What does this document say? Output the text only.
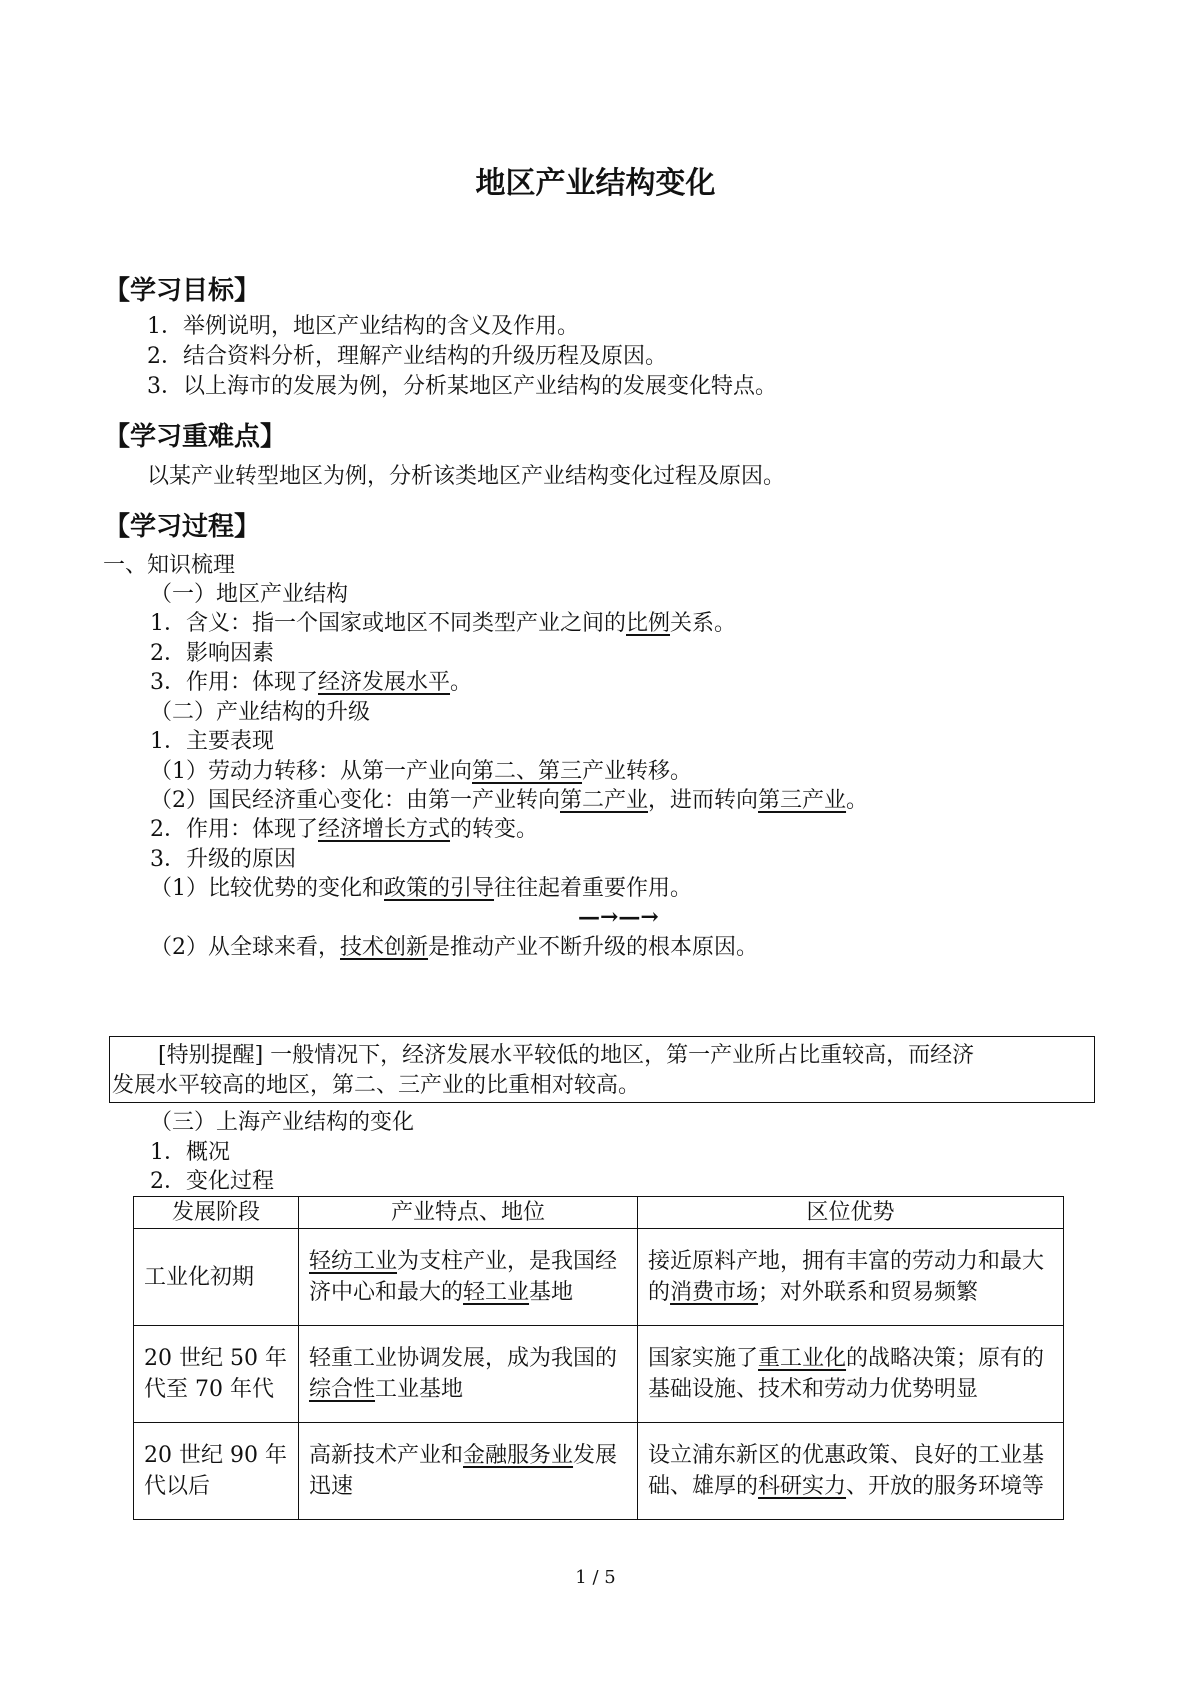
地区产业结构变化
【学习目标】
1．举例说明，地区产业结构的含义及作用。
2．结合资料分析，理解产业结构的升级历程及原因。
3．以上海市的发展为例，分析某地区产业结构的发展变化特点。
【学习重难点】
以某产业转型地区为例，分析该类地区产业结构变化过程及原因。
【学习过程】
一、知识梳理
（一）地区产业结构
1．含义：指一个国家或地区不同类型产业之间的比例关系。
2．影响因素
3．作用：体现了经济发展水平。
（二）产业结构的升级
1．主要表现
（1）劳动力转移：从第一产业向第二、第三产业转移。
（2）国民经济重心变化：由第一产业转向第二产业，进而转向第三产业。
2．作用：体现了经济增长方式的转变。
3．升级的原因
（1）比较优势的变化和政策的引导往往起着重要作用。
—→—→
（2）从全球来看，技术创新是推动产业不断升级的根本原因。
[特别提醒] 一般情况下，经济发展水平较低的地区，第一产业所占比重较高，而经济
发展水平较高的地区，第二、三产业的比重相对较高。
（三）上海产业结构的变化
1．概况
2．变化过程
发展阶段	产业特点、地位	区位优势
工业化初期	轻纺工业为支柱产业，是我国经济中心和最大的轻工业基地	接近原料产地，拥有丰富的劳动力和最大的消费市场；对外联系和贸易频繁
20 世纪 50 年代至 70 年代	轻重工业协调发展，成为我国的综合性工业基地	国家实施了重工业化的战略决策；原有的基础设施、技术和劳动力优势明显
20 世纪 90 年代以后	高新技术产业和金融服务业发展迅速	设立浦东新区的优惠政策、良好的工业基础、雄厚的科研实力、开放的服务环境等
1 / 5
